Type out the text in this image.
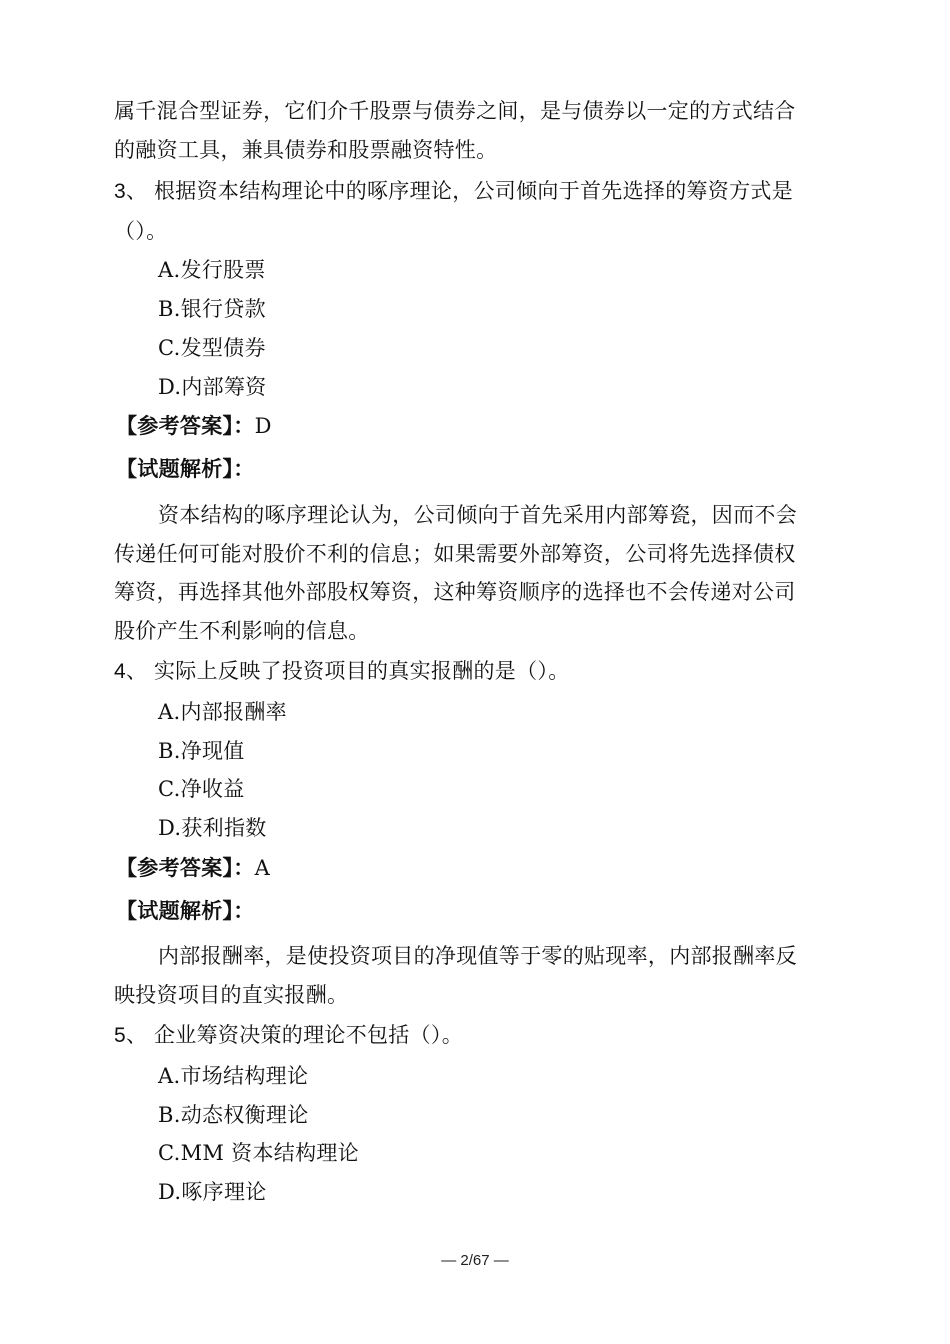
属千混合型证券，它们介千股票与债券之间，是与债券以一定的方式结合
的融资工具，兼具债券和股票融资特性。
3、 根据资本结构理论中的啄序理论，公司倾向于首先选择的筹资方式是
（）。
A.发行股票
B.银行贷款
C.发型债券
D.内部筹资
【参考答案】：D
【试题解析】：
资本结构的啄序理论认为，公司倾向于首先采用内部筹瓷，因而不会
传递任何可能对股价不利的信息；如果需要外部筹资，公司将先选择债权
筹资，再选择其他外部股权筹资，这种筹资顺序的选择也不会传递对公司
股价产生不利影响的信息。
4、 实际上反映了投资项目的真实报酬的是（）。
A.内部报酬率
B.净现值
C.净收益
D.获利指数
【参考答案】：A
【试题解析】：
内部报酬率，是使投资项目的净现值等于零的贴现率，内部报酬率反
映投资项目的直实报酬。
5、 企业筹资决策的理论不包括（）。
A.市场结构理论
B.动态权衡理论
C.MM 资本结构理论
D.啄序理论
— 2/67 —
